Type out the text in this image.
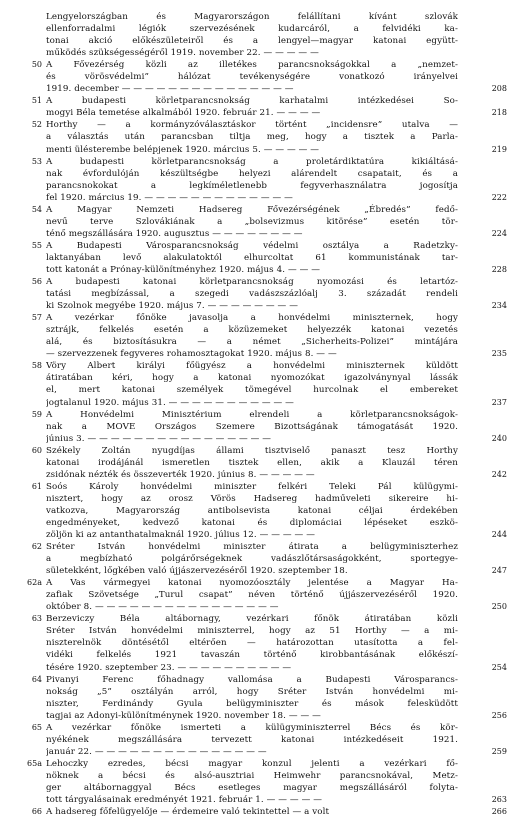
Lengyelországban és Magyarországon felállítani kívánt szlovák
ellenforradalmi légiók szervezésének kudarcáról, a felvidéki ka-
tonai akció előkészületeiről és a lengyel—magyar katonai együtt-
működés szükségességéről 1919. november 22. — — — — —
50 A Fővezérség közli az illetékes parancsnokságokkal a „nemzet-
és vörösvédelmi” hálózat tevékenységére vonatkozó irányelvei
1919. december — — — — — — — — — — — — — — —	208
51 A budapesti körletparancsnokság karhatalmi intézkedései So-
mogyi Béla temetése alkalmából 1920. február 21. — — — —	218
52 Horthy — a kormányzóválasztáskor történt „incidensre” utalva —
a választás után parancsban tiltja meg, hogy a tisztek a Parla-
menti ülésterembe belépjenek 1920. március 5. — — — — —	219
53 A budapesti körletparancsnokság a proletárdiktatúra kikiáltásá-
nak évfordulóján készültségbe helyezi alárendelt csapatait, és a
parancsnokokat a legkíméletlenebb fegyverhasználatra jogosítja
fel 1920. március 19. — — — — — — — — — — — — —	222
54 A Magyar Nemzeti Hadsereg Fővezérségének „Ébredés” fedő-
nevű terve Szlovákiának a „bolsevizmus kitörése” esetén tör-
ténő megszállására 1920. augusztus — — — — — — — —	224
55 A Budapesti Városparancsnokság védelmi osztálya a Radetzky-
laktanyában levő alakulatoktól elhurcoltat 61 kommunistának tar-
tott katonát a Prónay-különítményhez 1920. május 4. — — —	228
56 A budapesti katonai körletparancsnokság nyomozási és letartóz-
tatási megbízással, a szegedi vadászszázlóalj 3. századát rendeli
ki Szolnok megyébe 1920. május 7. — — — — — — — —	234
57 A vezérkar főnöke javasolja a honvédelmi miniszternek, hogy
sztrájk, felkelés esetén a közüzemeket helyezzék katonai vezetés
alá, és biztosításukra — a német „Sicherheits-Polizei” mintájára
— szervezzenek fegyveres rohamosztagokat 1920. május 8. — —	235
58 Vöry Albert királyi főügyész a honvédelmi miniszternek küldött
átiratában kéri, hogy a katonai nyomozókat igazolványnyal lássák
el, mert katonai személyek tömegével hurcolnak el embereket
jogtalanul 1920. május 31. — — — — — — — — — — —	237
59 A Honvédelmi Minisztérium elrendeli a körletparancsnokságok-
nak a MOVE Országos Szemere Bizottságának támogatását 1920.
június 3. — — — — — — — — — — — — — — — —	240
60 Székely Zoltán nyugdíjas állami tisztviselő panaszt tesz Horthy
katonai irodájánál ismeretlen tisztek ellen, akik a Klauzál téren
zsidónak nézték és összeverték 1920. június 8. — — — — —	242
61 Soós Károly honvédelmi miniszter felkéri Teleki Pál külügymi-
nisztert, hogy az orosz Vörös Hadsereg hadműveleti sikereire hi-
vatkozva, Magyarország antibolsevista katonai céljai érdekében
engedményeket, kedvező katonai és diplomáciai lépéseket eszkö-
zöljön ki az antanthatalmaknál 1920. július 12. — — — — —	244
62 Sréter István honvédelmi miniszter átirata a belügyminiszterhez
a megbízható polgárőrségeknek vadászlőtársaságokként, sportegye-
sületekként, lőgkében való újjászervezéséről 1920. szeptember 18.	247
62a A Vas vármegyei katonai nyomozóosztály jelentése a Magyar Ha-
zafiak Szövetsége „Turul csapat” néven történő újjászervezéséről 1920.
október 8. — — — — — — — — — — — — — — — —	250
63 Berzeviczy Béla altábornagy, vezérkari főnök átiratában közli
Sréter István honvédelmi miniszterrel, hogy az 51 Horthy — a mi-
niszterelnök döntésétől eltérően — határozottan utasította a fel-
vidéki felkelés 1921 tavaszán történő kirobbantásának előkészí-
tésére 1920. szeptember 23. — — — — — — — — — —	254
64 Pivanyi Ferenc főhadnagy vallomása a Budapesti Városparancs-
nokság „5” osztályán arról, hogy Sréter István honvédelmi mi-
niszter, Ferdinándy Gyula belügyminiszter és mások felesküdött
tagjai az Adonyi-különítménynek 1920. november 18. — — —	256
65 A vezérkar főnöke ismerteti a külügyminiszterrel Bécs és kör-
nyékének megszállására tervezett katonai intézkedéseit 1921.
január 22. — — — — — — — — — — — — — — —	259
65a Lehoczky ezredes, bécsi magyar konzul jelenti a vezérkari fő-
nöknek a bécsi és alsó-ausztriai Heimwehr parancsnokával, Metz-
ger altábornaggyal Bécs esetleges magyar megszállásáról folyta-
tott tárgyalásainak eredményét 1921. február 1. — — — — —	263
66 A hadsereg főfelügyelője — érdemeire való tekintettel — a volt	266
